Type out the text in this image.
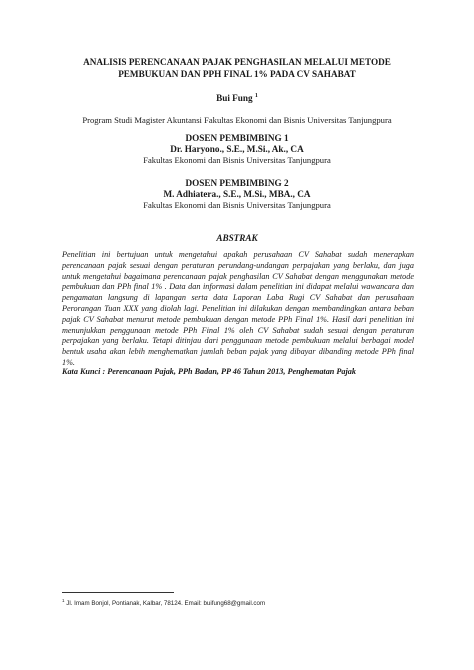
ANALISIS PERENCANAAN PAJAK PENGHASILAN MELALUI METODE
PEMBUKUAN DAN PPH FINAL 1% PADA CV SAHABAT
Bui Fung $^1$
Program Studi Magister Akuntansi Fakultas Ekonomi dan Bisnis Universitas Tanjungpura
DOSEN PEMBIMBING 1
Dr. Haryono., S.E., M.Si., Ak., CA
Fakultas Ekonomi dan Bisnis Universitas Tanjungpura
DOSEN PEMBIMBING 2
M. Adhiatera., S.E., M.Si., MBA., CA
Fakultas Ekonomi dan Bisnis Universitas Tanjungpura
ABSTRAK

Penelitian ini bertujuan untuk mengetahui apakah perusahaan CV Sahabat sudah menerapkan perencanaan pajak sesuai dengan peraturan perundang-undangan perpajakan yang berlaku, dan juga untuk mengetahui bagaimana perencanaan pajak penghasilan CV Sahabat dengan menggunakan metode pembukuan dan PPh final 1% . Data dan informasi dalam penelitian ini didapat melalui wawancara dan pengamatan langsung di lapangan serta data Laporan Laba Rugi CV Sahabat dan perusahaan Perorangan Tuan XXX yang diolah lagi. Penelitian ini dilakukan dengan membandingkan antara beban pajak CV Sahabat menurut metode pembukuan dengan metode PPh Final 1%. Hasil dari penelitian ini menunjukkan penggunaan metode PPh Final 1% oleh CV Sahabat sudah sesuai dengan peraturan perpajakan yang berlaku. Tetapi ditinjau dari penggunaan metode pembukuan melalui berbagai model bentuk usaha akan lebih menghematkan jumlah beban pajak yang dibayar dibanding metode PPh final 1%.

Kata Kunci : Perencanaan Pajak, PPh Badan, PP 46 Tahun 2013, Penghematan Pajak
$^1$ Jl. Imam Bonjol, Pontianak, Kalbar, 78124. Email: buifung68@gmail.com
